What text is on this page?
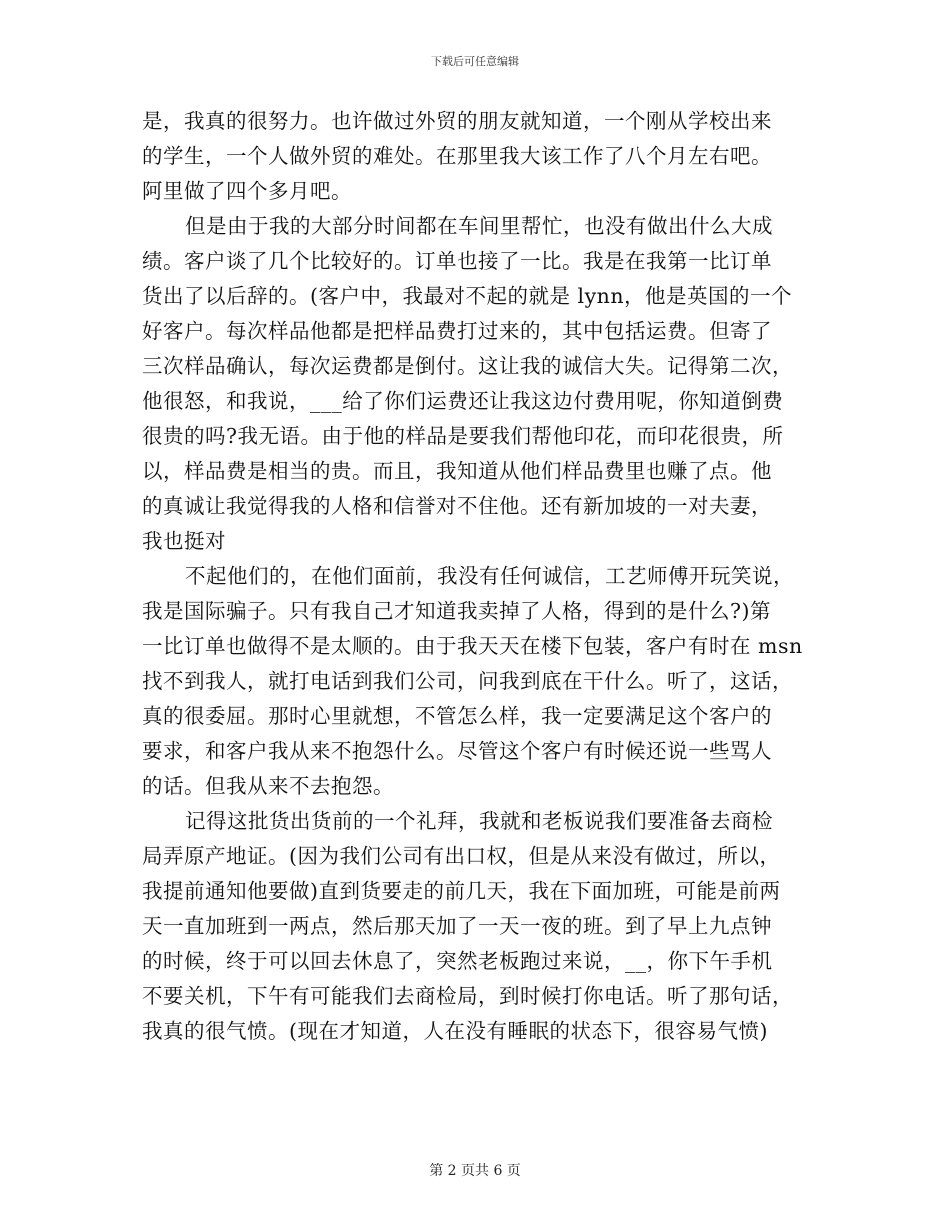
下载后可任意编辑
是，我真的很努力。也许做过外贸的朋友就知道，一个刚从学校出来
的学生，一个人做外贸的难处。在那里我大该工作了八个月左右吧。
阿里做了四个多月吧。
但是由于我的大部分时间都在车间里帮忙，也没有做出什么大成
绩。客户谈了几个比较好的。订单也接了一比。我是在我第一比订单
货出了以后辞的。(客户中，我最对不起的就是 lynn，他是英国的一个
好客户。每次样品他都是把样品费打过来的，其中包括运费。但寄了
三次样品确认，每次运费都是倒付。这让我的诚信大失。记得第二次，
他很怒，和我说，___给了你们运费还让我这边付费用呢，你知道倒费
很贵的吗?我无语。由于他的样品是要我们帮他印花，而印花很贵，所
以，样品费是相当的贵。而且，我知道从他们样品费里也赚了点。他
的真诚让我觉得我的人格和信誉对不住他。还有新加坡的一对夫妻，
我也挺对
不起他们的，在他们面前，我没有任何诚信，工艺师傅开玩笑说，
我是国际骗子。只有我自己才知道我卖掉了人格，得到的是什么?)第
一比订单也做得不是太顺的。由于我天天在楼下包装，客户有时在 msn
找不到我人，就打电话到我们公司，问我到底在干什么。听了，这话，
真的很委屈。那时心里就想，不管怎么样，我一定要满足这个客户的
要求，和客户我从来不抱怨什么。尽管这个客户有时候还说一些骂人
的话。但我从来不去抱怨。
记得这批货出货前的一个礼拜，我就和老板说我们要准备去商检
局弄原产地证。(因为我们公司有出口权，但是从来没有做过，所以，
我提前通知他要做)直到货要走的前几天，我在下面加班，可能是前两
天一直加班到一两点，然后那天加了一天一夜的班。到了早上九点钟
的时候，终于可以回去休息了，突然老板跑过来说，__，你下午手机
不要关机，下午有可能我们去商检局，到时候打你电话。听了那句话，
我真的很气愤。(现在才知道，人在没有睡眠的状态下，很容易气愤)
第 2 页共 6 页
